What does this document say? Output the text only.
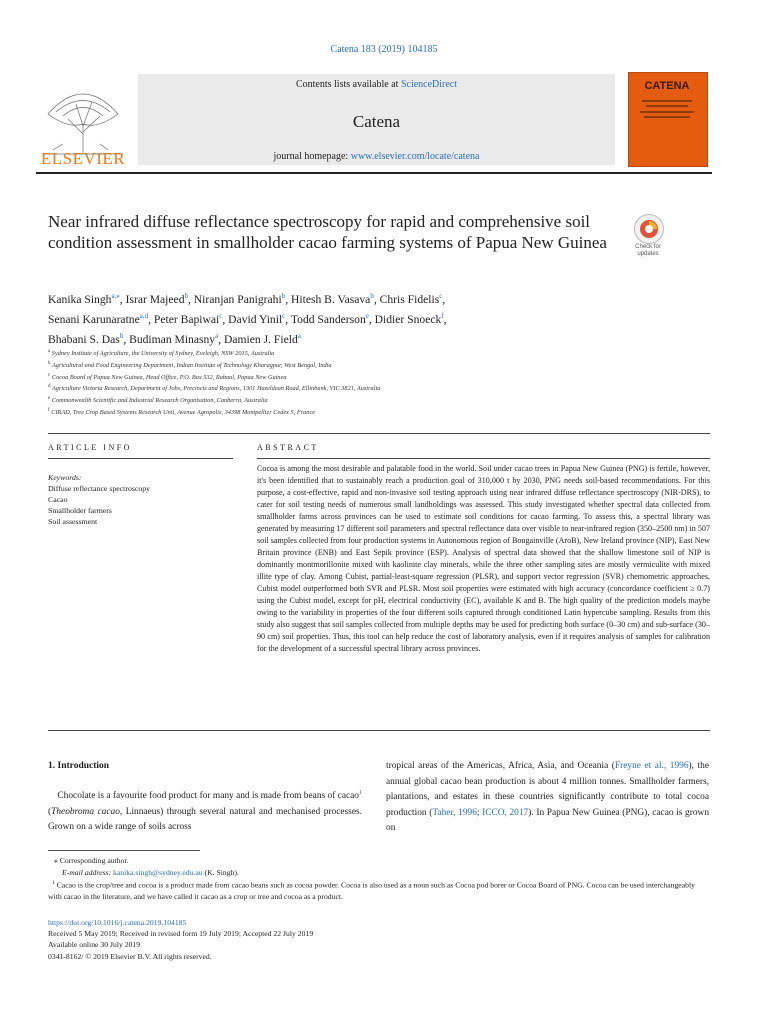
Catena 183 (2019) 104185
ELSEVIER
Contents lists available at ScienceDirect
Catena
journal homepage: www.elsevier.com/locate/catena
CATENA
Near infrared diffuse reflectance spectroscopy for rapid and comprehensive soil condition assessment in smallholder cacao farming systems of Papua New Guinea	Check for updates
Kanika Singh$^{a,⁎}$, Israr Majeed$^b$, Niranjan Panigrahi$^b$, Hitesh B. Vasava$^b$, Chris Fidelis$^c$,
Senani Karunaratne$^{a,d}$, Peter Bapiwai$^c$, David Yinil$^c$, Todd Sanderson$^e$, Didier Snoeck$^f$,
Bhabani S. Das$^b$, Budiman Minasny$^a$, Damien J. Field$^a$
$^a$ Sydney Institute of Agriculture, the University of Sydney, Eveleigh, NSW 2015, Australia
$^b$ Agricultural and Food Engineering Department, Indian Institute of Technology Kharagpur, West Bengal, India
$^c$ Cocoa Board of Papua New Guinea, Head Office, P.O. Box 532, Rabaul, Papua New Guinea
$^d$ Agriculture Victoria Research, Department of Jobs, Precincts and Regions, 1301 Hazeldean Road, Ellinbank, VIC 3821, Australia
$^e$ Commonwealth Scientific and Industrial Research Organisation, Canberra, Australia
$^f$ CIRAD, Tree Crop Based Systems Research Unit, Avenue Agropolis, 34398 Montpellier Cedex 5, France
ARTICLE INFO	ABSTRACT
Keywords:
Diffuse reflectance spectroscopy
Cacao
Smallholder farmers
Soil assessment
Cocoa is among the most desirable and palatable food in the world. Soil under cacao trees in Papua New Guinea (PNG) is fertile, however, it's been identified that to sustainably reach a production goal of 310,000 t by 2030, PNG needs soil-based recommendations. For this purpose, a cost-effective, rapid and non-invasive soil testing approach using near infrared diffuse reflectance spectroscopy (NIR-DRS), to cater for soil testing needs of numerous small landholdings was assessed. This study investigated whether spectral data collected from smallholder farms across provinces can be used to estimate soil conditions for cacao farming. To assess this, a spectral library was generated by measuring 17 different soil parameters and spectral reflectance data over visible to near-infrared region (350–2500 nm) in 507 soil samples collected from four production systems in Autonomous region of Bougainville (AroB), New Ireland province (NIP), East New Britain province (ENB) and East Sepik province (ESP). Analysis of spectral data showed that the shallow limestone soil of NIP is dominantly montmorillonite mixed with kaolinite clay minerals, while the three other sampling sites are mostly vermiculite with mixed illite type of clay. Among Cubist, partial-least-square regression (PLSR), and support vector regression (SVR) chemometric approaches, Cubist model outperformed both SVR and PLSR. Most soil properties were estimated with high accuracy (concordance coefficient ≥ 0.7) using the Cubist model, except for pH, electrical conductivity (EC), available K and B. The high quality of the prediction models maybe owing to the variability in properties of the four different soils captured through conditioned Latin hypercube sampling. Results from this study also suggest that soil samples collected from multiple depths may be used for predicting both surface (0–30 cm) and sub-surface (30–90 cm) soil properties. Thus, this tool can help reduce the cost of laboratory analysis, even if it requires analysis of samples for calibration for the development of a successful spectral library across provinces.
1. Introduction
Chocolate is a favourite food product for many and is made from beans of cacao$^1$ (Theobroma cacao, Linnaeus) through several natural and mechanised processes. Grown on a wide range of soils across
tropical areas of the Americas, Africa, Asia, and Oceania (Freyne et al., 1996), the annual global cacao bean production is about 4 million tonnes. Smallholder farmers, plantations, and estates in these countries significantly contribute to total cocoa production (Taher, 1996; ICCO, 2017). In Papua New Guinea (PNG), cacao is grown on
⁎ Corresponding author.
E-mail address: kanika.singh@sydney.edu.au (K. Singh).
$^1$ Cacao is the crop/tree and cocoa is a product made from cacao beans such as cocoa powder. Cocoa is also used as a noun such as Cocoa pod borer or Cocoa Board of PNG. Cocoa can be used interchangeably with cacao in the literature, and we have called it cacao as a crop or tree and cocoa as a product.
https://doi.org/10.1016/j.catena.2019.104185
Received 5 May 2019; Received in revised form 19 July 2019; Accepted 22 July 2019
Available online 30 July 2019
0341-8162/ © 2019 Elsevier B.V. All rights reserved.
